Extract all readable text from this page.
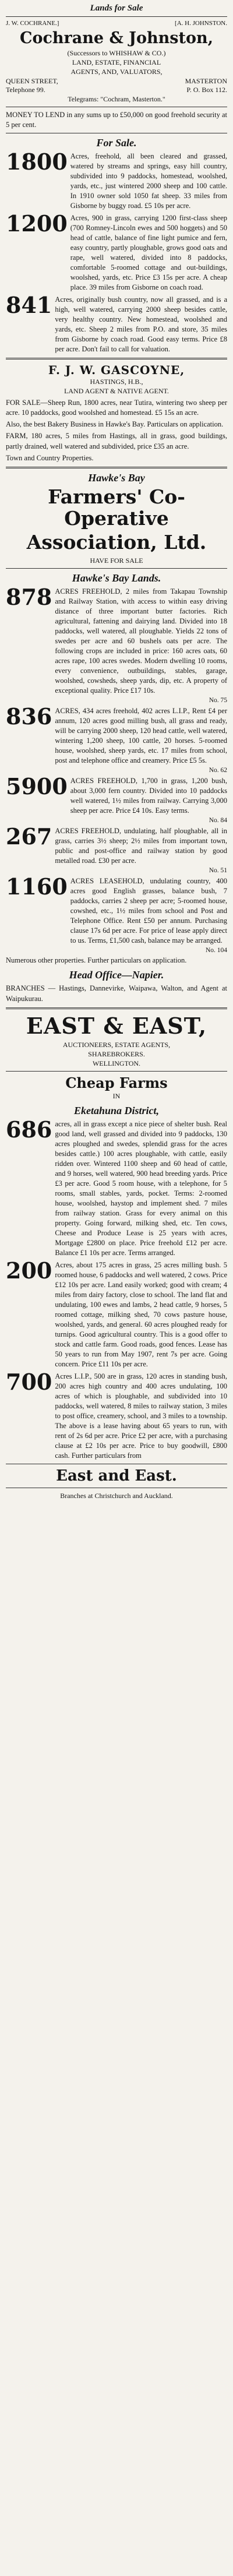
Lands for Sale
J. W. COCHRANE.]	[A. H. JOHNSTON.
Cochrane & Johnston,
(Successors to WHISHAW & CO.)
LAND, ESTATE, FINANCIAL
AGENTS, AND, VALUATORS,
QUEEN STREET,	MASTERTON
Telephone 99.	P. O. Box 112.
Telegrams: "Cochram, Masterton."
MONEY TO LEND in any sums up to £50,000 on good freehold security at 5 per cent.
For Sale.
1800 Acres, freehold, all been cleared and grassed, watered by streams and springs, easy hill country, subdivided into 9 paddocks, homestead, woolshed, yards, etc., just wintered 2000 sheep and 100 cattle. In 1910 owner sold 1050 fat sheep. 33 miles from Gisborne by buggy road. £5 10s per acre.
1200 Acres, 900 in grass, carrying 1200 first-class sheep (700 Romney-Lincoln ewes and 500 hoggets) and 50 head of cattle, balance of fine light pumice and fern, easy country, partly ploughable, grows good oats and rape, well watered, divided into 8 paddocks, comfortable 5-roomed cottage and out-buildings, woolshed, yards, etc. Price £3 15s per acre. A cheap place. 39 miles from Gisborne on coach road.
841 Acres, originally bush country, now all grassed, and is a high, well watered, carrying 2000 sheep besides cattle, very healthy country. New homestead, woolshed and yards, etc. Sheep 2 miles from P.O. and store, 35 miles from Gisborne by coach road. Good easy terms. Price £8 per acre. Don't fail to call for valuation.
F. J. W. GASCOYNE,
HASTINGS, H.B.,
LAND AGENT & NATIVE AGENT.
FOR SALE—Sheep Run, 1800 acres, near Tutira, wintering two sheep per acre. 10 paddocks, good woolshed and homestead. £5 15s an acre.
Also, the best Bakery Business in Hawke's Bay. Particulars on application.
FARM, 180 acres, 5 miles from Hastings, all in grass, good buildings, partly drained, well watered and subdivided, price £35 an acre.
Town and Country Properties.
Hawke's Bay
Farmers' Co-Operative
Association, Ltd.
HAVE FOR SALE
Hawke's Bay Lands.
878 ACRES FREEHOLD, 2 miles from Takapau Township and Railway Station, with access to within easy driving distance of three important butter factories. Rich agricultural, fattening and dairying land. Divided into 18 paddocks, well watered, all ploughable. Yields 22 tons of swedes per acre and 60 bushels oats per acre. The following crops are included in price: 160 acres oats, 60 acres rape, 100 acres swedes. Modern dwelling 10 rooms, every convenience, outbuildings, stables, garage, woolshed, cowsheds, sheep yards, dip, etc. A property of exceptional quality. Price £17 10s.
No. 75
836 ACRES, 434 acres freehold, 402 acres L.I.P., Rent £4 per annum, 120 acres good milling bush, all grass and ready, will be carrying 2000 sheep, 120 head cattle, well watered, wintering 1,200 sheep, 100 cattle, 20 horses. 5-roomed house, woolshed, sheep yards, etc. 17 miles from school, post and telephone office and creamery. Price £5 5s.
No. 62
5900 ACRES FREEHOLD, 1,700 in grass, 1,200 bush, about 3,000 fern country. Divided into 10 paddocks well watered, 1½ miles from railway. Carrying 3,000 sheep per acre. Price £4 10s. Easy terms.
No. 84
267 ACRES FREEHOLD, undulating, half ploughable, all in grass, carries 3½ sheep; 2½ miles from important town, public and post-office and railway station by good metalled road. £30 per acre.
No. 51
1160 ACRES LEASEHOLD, undulating country, 400 acres good English grasses, balance bush, 7 paddocks, carries 2 sheep per acre; 5-roomed house, cowshed, etc., 1½ miles from school and Post and Telephone Office. Rent £50 per annum. Purchasing clause 17s 6d per acre. For price of lease apply direct to us. Terms, £1,500 cash, balance may be arranged.
No. 104
Numerous other properties. Further particulars on application.
Head Office—Napier.
BRANCHES — Hastings, Dannevirke, Waipawa, Walton, and Agent at Waipukurau.
EAST & EAST,
AUCTIONEERS, ESTATE AGENTS,
SHAREBROKERS.
WELLINGTON.
Cheap Farms
IN
Eketahuna District,
686 acres, all in grass except a nice piece of shelter bush. Real good land, well grassed and divided into 9 paddocks, 130 acres ploughed and swedes, splendid grass for the acres besides cattle.) 100 acres ploughable, with cattle, easily ridden over. Wintered 1100 sheep and 60 head of cattle, and 9 horses, well watered, 900 head breeding yards. Price £3 per acre. Good 5 room house, with a telephone, for 5 rooms, small stables, yards, pocket. Terms: 2-roomed house, woolshed, haystop and implement shed. 7 miles from railway station. Grass for every animal on this property. Going forward, milking shed, etc. Ten cows, Cheese and Produce Lease is 25 years with acres, Mortgage £2800 on place. Price freehold £12 per acre. Balance £1 10s per acre. Terms arranged.
200 Acres, about 175 acres in grass, 25 acres milling bush. 5 roomed house, 6 paddocks and well watered, 2 cows. Price £12 10s per acre. Land easily worked; good with cream; 4 miles from dairy factory, close to school. The land flat and undulating, 100 ewes and lambs, 2 head cattle, 9 horses, 5 roomed cottage, milking shed, 70 cows pasture house, woolshed, yards, and general. 60 acres ploughed ready for turnips. Good agricultural country. This is a good offer to stock and cattle farm. Good roads, good fences. Lease has 50 years to run from May 1907, rent 7s per acre. Going concern. Price £11 10s per acre.
700 Acres L.I.P., 500 are in grass, 120 acres in standing bush, 200 acres high country and 400 acres undulating, 100 acres of which is ploughable, and subdivided into 10 paddocks, well watered, 8 miles to railway station, 3 miles to post office, creamery, school, and 3 miles to a township. The above is a lease having about 65 years to run, with rent of 2s 6d per acre. Price £2 per acre, with a purchasing clause at £2 10s per acre. Price to buy goodwill, £800 cash. Further particulars from
East and East.
Branches at Christchurch and Auckland.
